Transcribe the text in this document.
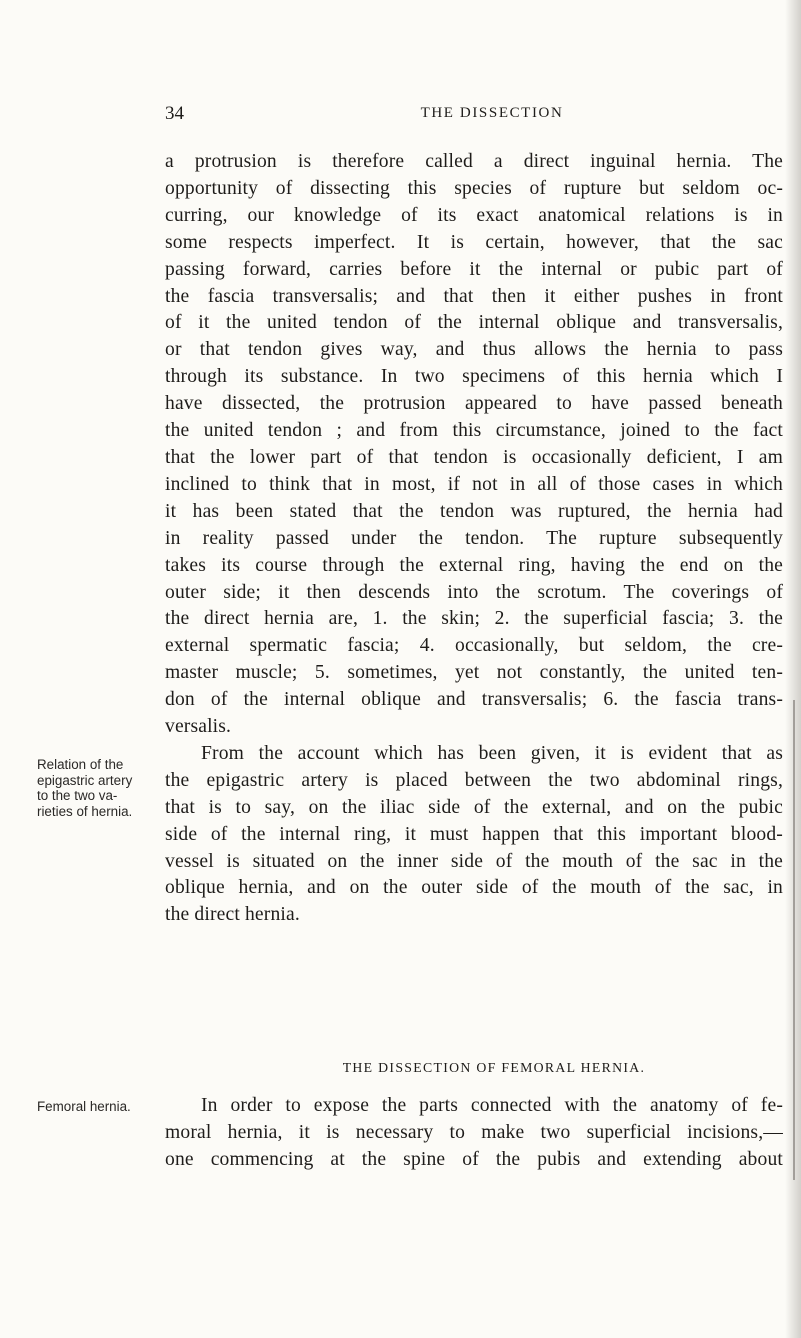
34	THE DISSECTION
a protrusion is therefore called a direct inguinal hernia. The
opportunity of dissecting this species of rupture but seldom oc-
curring, our knowledge of its exact anatomical relations is in
some respects imperfect. It is certain, however, that the sac
passing forward, carries before it the internal or pubic part of
the fascia transversalis; and that then it either pushes in front
of it the united tendon of the internal oblique and transversalis,
or that tendon gives way, and thus allows the hernia to pass
through its substance. In two specimens of this hernia which I
have dissected, the protrusion appeared to have passed beneath
the united tendon ; and from this circumstance, joined to the fact
that the lower part of that tendon is occasionally deficient, I am
inclined to think that in most, if not in all of those cases in which
it has been stated that the tendon was ruptured, the hernia had
in reality passed under the tendon. The rupture subsequently
takes its course through the external ring, having the end on the
outer side; it then descends into the scrotum. The coverings of
the direct hernia are, 1. the skin; 2. the superficial fascia; 3. the
external spermatic fascia; 4. occasionally, but seldom, the cre-
master muscle; 5. sometimes, yet not constantly, the united ten-
don of the internal oblique and transversalis; 6. the fascia trans-
versalis.
From the account which has been given, it is evident that as
the epigastric artery is placed between the two abdominal rings,
that is to say, on the iliac side of the external, and on the pubic
side of the internal ring, it must happen that this important blood-
vessel is situated on the inner side of the mouth of the sac in the
oblique hernia, and on the outer side of the mouth of the sac, in
the direct hernia.
Relation of the
epigastric artery
to the two va-
rieties of hernia.
THE DISSECTION OF FEMORAL HERNIA.
Femoral hernia.	In order to expose the parts connected with the anatomy of fe-
moral hernia, it is necessary to make two superficial incisions,—
one commencing at the spine of the pubis and extending about
